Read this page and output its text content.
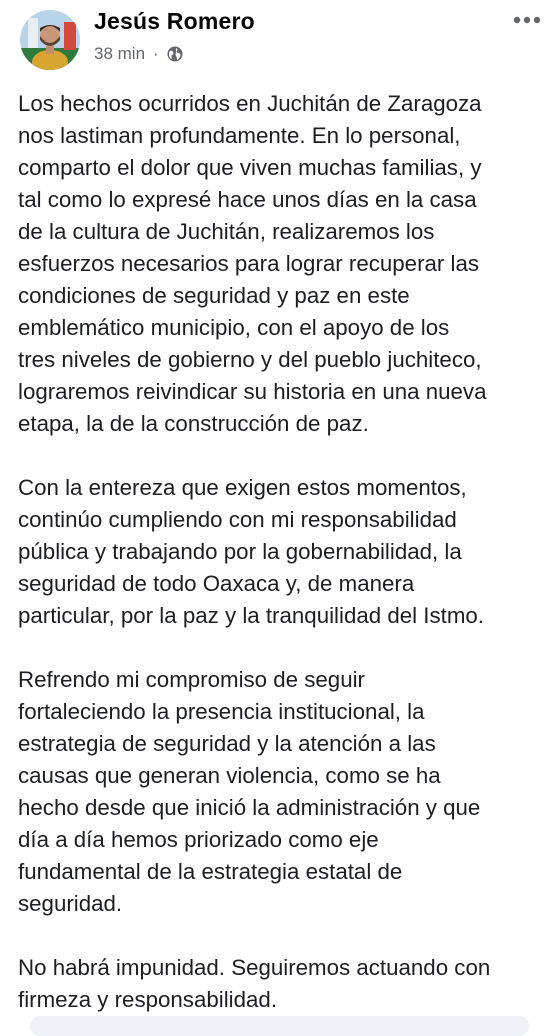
Jesús Romero
38 min ·

Los hechos ocurridos en Juchitán de Zaragoza
nos lastiman profundamente. En lo personal,
comparto el dolor que viven muchas familias, y
tal como lo expresé hace unos días en la casa
de la cultura de Juchitán, realizaremos los
esfuerzos necesarios para lograr recuperar las
condiciones de seguridad y paz en este
emblemático municipio, con el apoyo de los
tres niveles de gobierno y del pueblo juchiteco,
lograremos reivindicar su historia en una nueva
etapa, la de la construcción de paz.

Con la entereza que exigen estos momentos,
continúo cumpliendo con mi responsabilidad
pública y trabajando por la gobernabilidad, la
seguridad de todo Oaxaca y, de manera
particular, por la paz y la tranquilidad del Istmo.

Refrendo mi compromiso de seguir
fortaleciendo la presencia institucional, la
estrategia de seguridad y la atención a las
causas que generan violencia, como se ha
hecho desde que inició la administración y que
día a día hemos priorizado como eje
fundamental de la estrategia estatal de
seguridad.

No habrá impunidad. Seguiremos actuando con
firmeza y responsabilidad.
